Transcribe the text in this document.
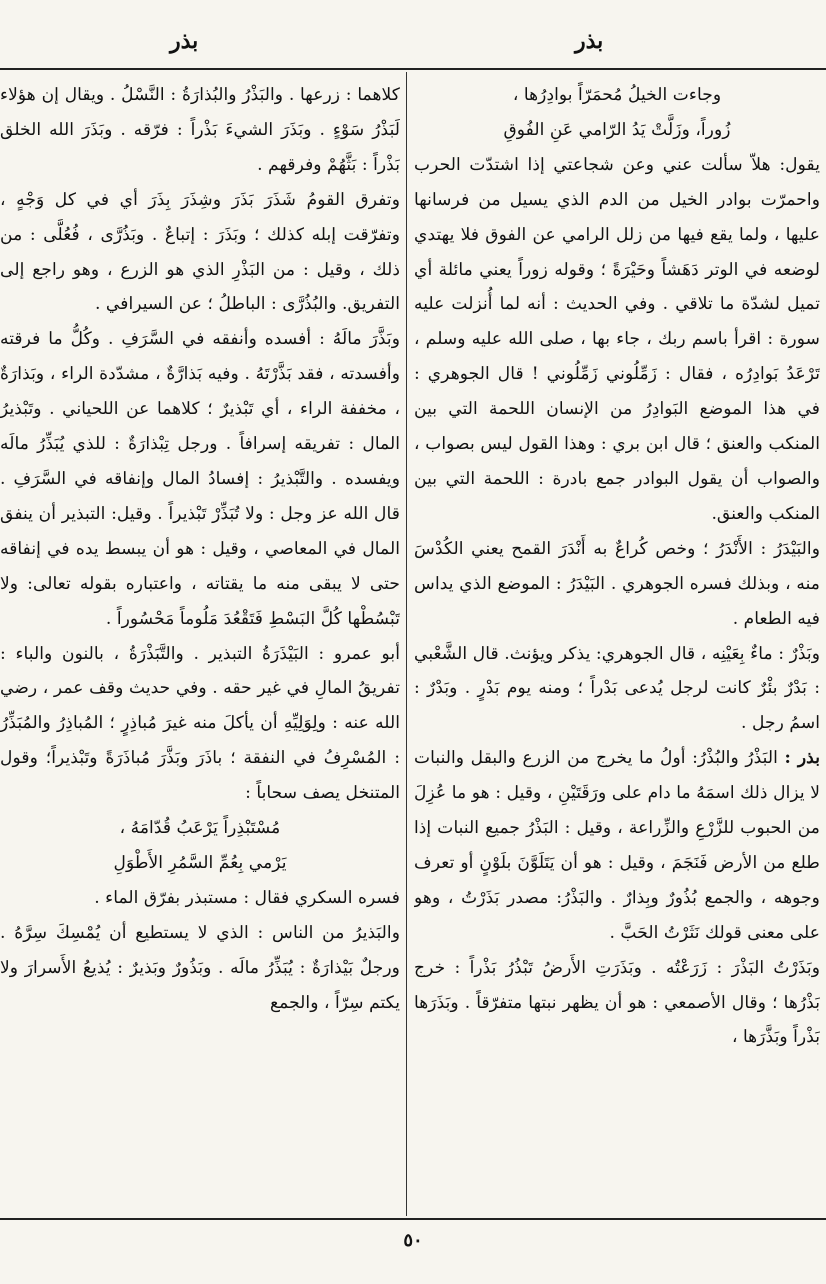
بذر
بذر

وجاءت الخيلُ مُحمَرّاً بوادِرُها ،

زُوراً، وزَلَّتْ يَدُ الرّامي عَنِ الفُوقِ

يقول: هلاّ سألت عني وعن شجاعتي إذا اشتدّت الحرب واحمرّت بوادر الخيل من الدم الذي يسيل من فرسانها عليها ، ولما يقع فيها من زلل الرامي عن الفوق فلا يهتدي لوضعه في الوتر دَهَشاً وحَيْرَةً ؛ وقوله زوراً يعني مائلة أي تميل لشدّة ما تلاقي . وفي الحديث : أنه لما أُنزلت عليه سورة : اقرأ باسم ربك ، جاء بها ، صلى الله عليه وسلم ، تَرْعَدُ بَوادِرُه ، فقال : زَمِّلُوني زَمِّلُوني ! قال الجوهري : في هذا الموضع البَوادِرُ من الإنسان اللحمة التي بين المنكب والعنق ؛ قال ابن بري : وهذا القول ليس بصواب ، والصواب أن يقول البوادر جمع بادرة : اللحمة التي بين المنكب والعنق.

والبَيْدَرُ : الأَنْدَرُ ؛ وخص كُراعٌ به أَنْدَرَ القمح يعني الكُدْسَ منه ، وبذلك فسره الجوهري . البَيْدَرُ : الموضع الذي يداس فيه الطعام .

وبَذْرٌ : ماءٌ بِعَيْنِه ، قال الجوهري: يذكر ويؤنث. قال الشَّعْبي : بَدْرٌ بئْرٌ كانت لرجل يُدعى بَدْراً ؛ ومنه يوم بَدْرٍ . وبَدْرٌ : اسمُ رجل .

بذر : البَذْرُ والبُذْرُ: أولُ ما يخرج من الزرع والبقل والنبات لا يزال ذلك اسمَهُ ما دام على ورَقَتَيْنِ ، وقيل : هو ما عُزِلَ من الحبوب للزَّرْعِ والزِّراعة ، وقيل : البَذْرُ جميع النبات إذا طلع من الأرض فَنَجَمَ ، وقيل : هو أن يَتَلَوَّنَ بلَوْنٍ أو تعرف وجوهه ، والجمع بُذُورٌ وبِذارٌ . والبَذْرُ: مصدر بَذَرْتُ ، وهو على معنى قولك نَثَرْتُ الحَبَّ .

وبَذَرْتُ البَذْرَ : زَرَعْتُه . وبَذَرَتِ الأَرضُ تَبْذُرُ بَذْراً : خرج بَذْرُها ؛ وقال الأصمعي : هو أن يظهر نبتها متفرّقاً . وبَذَرَها بَذْراً وبَذَّرَها ،

كلاهما : زرعها . والبَذْرُ والبُذارَةُ : النَّسْلُ . ويقال إن هؤلاء لَبَذْرُ سَوْءٍ . وبَذَرَ الشيءَ بَذْراً : فرّقه . وبَذَرَ الله الخلق بَذْراً : بَثَّهُمْ وفرقهم .

وتفرق القومُ شَذَرَ بَذَرَ وشِذَرَ بِذَرَ أي في كل وَجْهٍ ، وتفرّقت إبله كذلك ؛ وبَذَرَ : إتباعٌ . وبَذُرَّى ، فُعُلَّى : من ذلك ، وقيل : من البَذْرِ الذي هو الزرع ، وهو راجع إلى التفريق. والبُذُرَّى : الباطلُ ؛ عن السيرافي .

وبَذَّرَ مالَهُ : أفسده وأنفقه في السَّرَفِ . وكُلُّ ما فرقته وأفسدته ، فقد بَذَّرْتَهُ . وفيه بَذارَّةٌ ، مشدّدة الراء ، وبَذارَةٌ ، مخففة الراء ، أي تَبْذيرٌ ؛ كلاهما عن اللحياني . وتَبْذيرُ المال : تفريقه إسرافاً . ورجل تِبْذارَةٌ : للذي يُبَذِّرُ مالَه ويفسده . والتَّبْذيرُ : إفسادُ المال وإنفاقه في السَّرَفِ . قال الله عز وجل : ولا تُبَذِّرْ تَبْذيراً . وقيل: التبذير أن ينفق المال في المعاصي ، وقيل : هو أن يبسط يده في إنفاقه حتى لا يبقى منه ما يقتاته ، واعتباره بقوله تعالى: ولا تَبْسُطْها كُلَّ البَسْطِ فَتَقْعُدَ مَلُوماً مَحْسُوراً .

أبو عمرو : البَيْذَرَةُ التبذير . والتَّبَذْرَةُ ، بالنون والباء : تفريقُ المالِ في غير حقه . وفي حديث وقف عمر ، رضي الله عنه : ولِوَلِيِّهِ أن يأكلَ منه غيرَ مُباذِرٍ ؛ المُباذِرُ والمُبَذِّرُ : المُسْرِفُ في النفقة ؛ باذَرَ وبَذَّرَ مُباذَرَةً وتَبْذيراً؛ وقول المتنخل يصف سحاباً :

مُسْتَبْذِراً يَرْعَبُ قُدّامَهُ ،

يَرْمي بِعُمِّ السَّمُرِ الأَطْوَلِ

فسره السكري فقال : مستبذر بفرّق الماء .

والبَذيرُ من الناس : الذي لا يستطيع أن يُمْسِكَ سِرَّهُ . ورجلٌ بَيْذارَةٌ : يُبَذِّرُ مالَه . وبَذُورٌ وبَذيرٌ : يُذيعُ الأَسرارَ ولا يكتم سِرّاً ، والجمع

٥٠
